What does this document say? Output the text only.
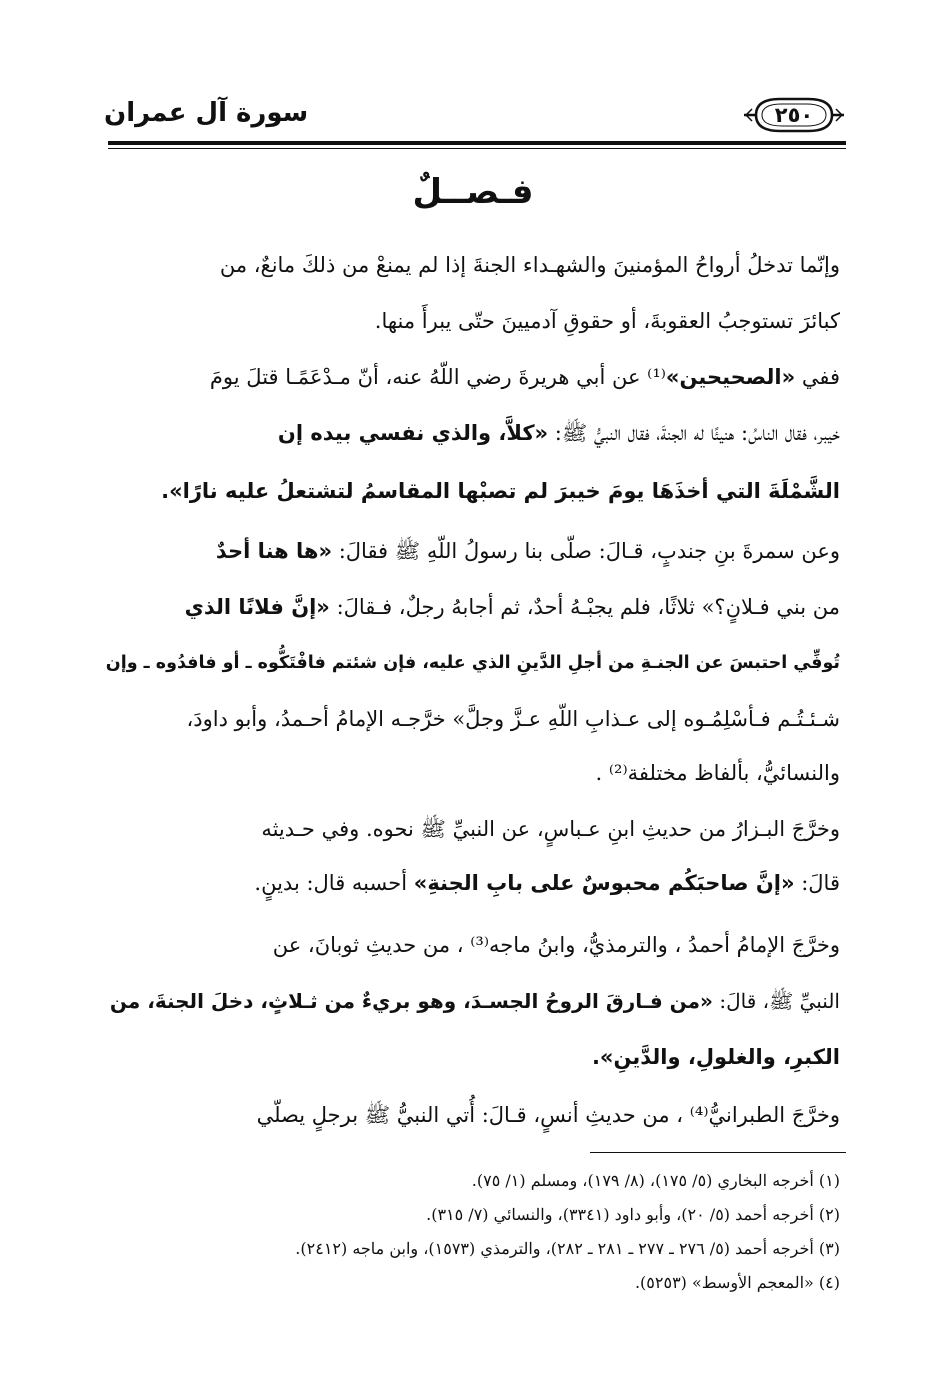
٢٥٠
سورة آل عمران
فـصــلٌ
وإنّما تدخلُ أرواحُ المؤمنينَ والشهـداء الجنةَ إذا لم يمنعْ من ذلكَ مانعٌ، من
كبائرَ تستوجبُ العقوبةَ، أو حقوقِ آدميينَ حتّى يبرأَ منها.
ففي «الصحيحين»⁽¹⁾ عن أبي هريرةَ رضي اللّهُ عنه، أنّ مـدْعَمًـا قتلَ يومَ
خيبر، فقال الناسُ: هنيئًا له الجنةَ، فقال النبيُّ ﷺ: «كلاَّ، والذي نفسي بيده إن
الشَّمْلَةَ التي أخذَهَا يومَ خيبرَ لم تصبْها المقاسمُ لتشتعلُ عليه نارًا».
وعن سمرةَ بنِ جندبٍ، قـالَ: صلّى بنا رسولُ اللّهِ ﷺ فقالَ: «ها هنا أحدٌ
من بني فـلانٍ؟» ثلاثًا، فلم يجبْـهُ أحدٌ، ثم أجابهُ رجلٌ، فـقالَ: «إنَّ فلانًا الذي
تُوفِّي احتبسَ عن الجنـةِ من أجلِ الدَّينِ الذي عليه، فإن شئتم فافْتَكُّوه ـ أو فافدُوه ـ وإن
شـئـتُـم فـأسْلِمُـوه إلى عـذابِ اللّهِ عـزَّ وجلَّ» خرَّجـه الإمامُ أحـمدُ، وأبو داودَ،
والنسائيُّ، بألفاظ مختلفة⁽²⁾ .
وخرَّجَ البـزارُ من حديثِ ابنِ عـباسٍ، عن النبيِّ ﷺ نحوه. وفي حـديثه
قالَ: «إنَّ صاحبَكُم محبوسٌ على بابِ الجنةِ» أحسبه قال: بدينٍ.
وخرَّجَ الإمامُ أحمدُ ، والترمذيُّ، وابنُ ماجه⁽³⁾ ، من حديثِ ثوبانَ، عن
النبيِّ ﷺ، قالَ: «من فـارقَ الروحُ الجسـدَ، وهو بريءٌ من ثـلاثٍ، دخلَ الجنةَ، من
الكبرِ، والغلولِ، والدَّينِ».
وخرَّجَ الطبرانيُّ⁽⁴⁾ ، من حديثِ أنسٍ، قـالَ: أُتي النبيُّ ﷺ برجلٍ يصلّي
(١) أخرجه البخاري (٥/ ١٧٥)، (٨/ ١٧٩)، ومسلم (١/ ٧٥).
(٢) أخرجه أحمد (٥/ ٢٠)، وأبو داود (٣٣٤١)، والنسائي (٧/ ٣١٥).
(٣) أخرجه أحمد (٥/ ٢٧٦ ـ ٢٧٧ ـ ٢٨١ ـ ٢٨٢)، والترمذي (١٥٧٣)، وابن ماجه (٢٤١٢).
(٤) «المعجم الأوسط» (٥٢٥٣).
